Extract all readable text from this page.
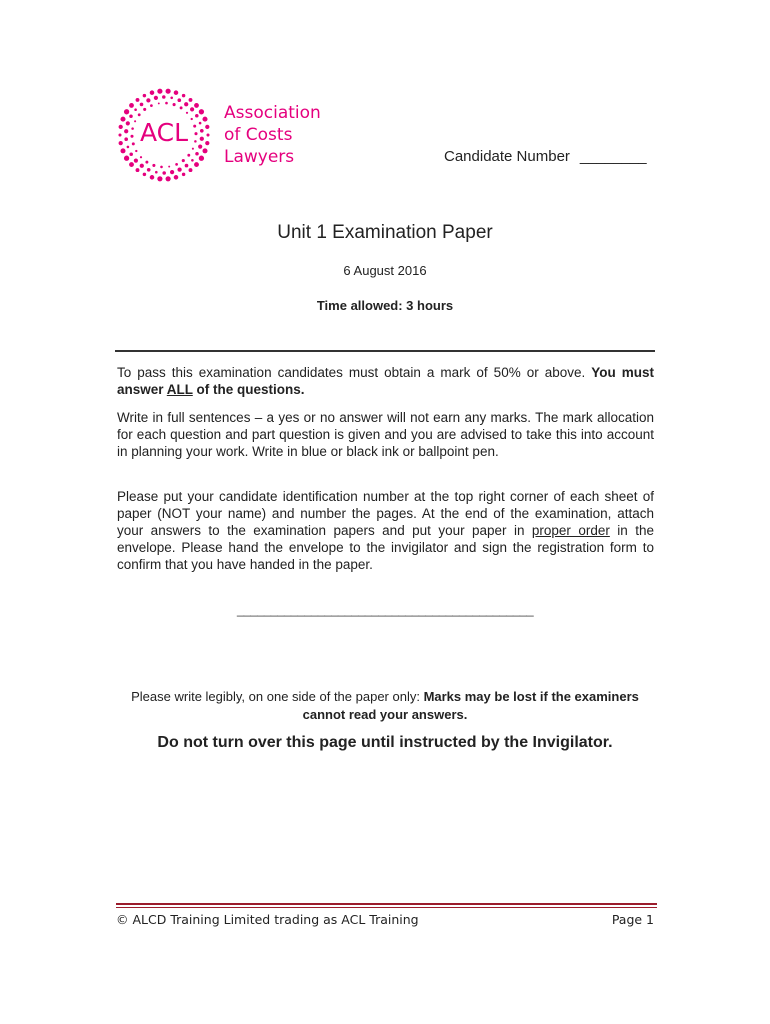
ACL
Association
of Costs
Lawyers	Candidate Number ________
Unit 1 Examination Paper
6 August 2016
Time allowed: 3 hours
To pass this examination candidates must obtain a mark of 50% or above. You must answer ALL of the questions.
Write in full sentences – a yes or no answer will not earn any marks. The mark allocation for each question and part question is given and you are advised to take this into account in planning your work. Write in blue or black ink or ballpoint pen.
Please put your candidate identification number at the top right corner of each sheet of paper (NOT your name) and number the pages. At the end of the examination, attach your answers to the examination papers and put your paper in proper order in the envelope. Please hand the envelope to the invigilator and sign the registration form to confirm that you have handed in the paper.
____________________________________________
Please write legibly, on one side of the paper only: Marks may be lost if the examiners cannot read your answers.
Do not turn over this page until instructed by the Invigilator.
© ALCD Training Limited trading as ACL Training	Page 1
